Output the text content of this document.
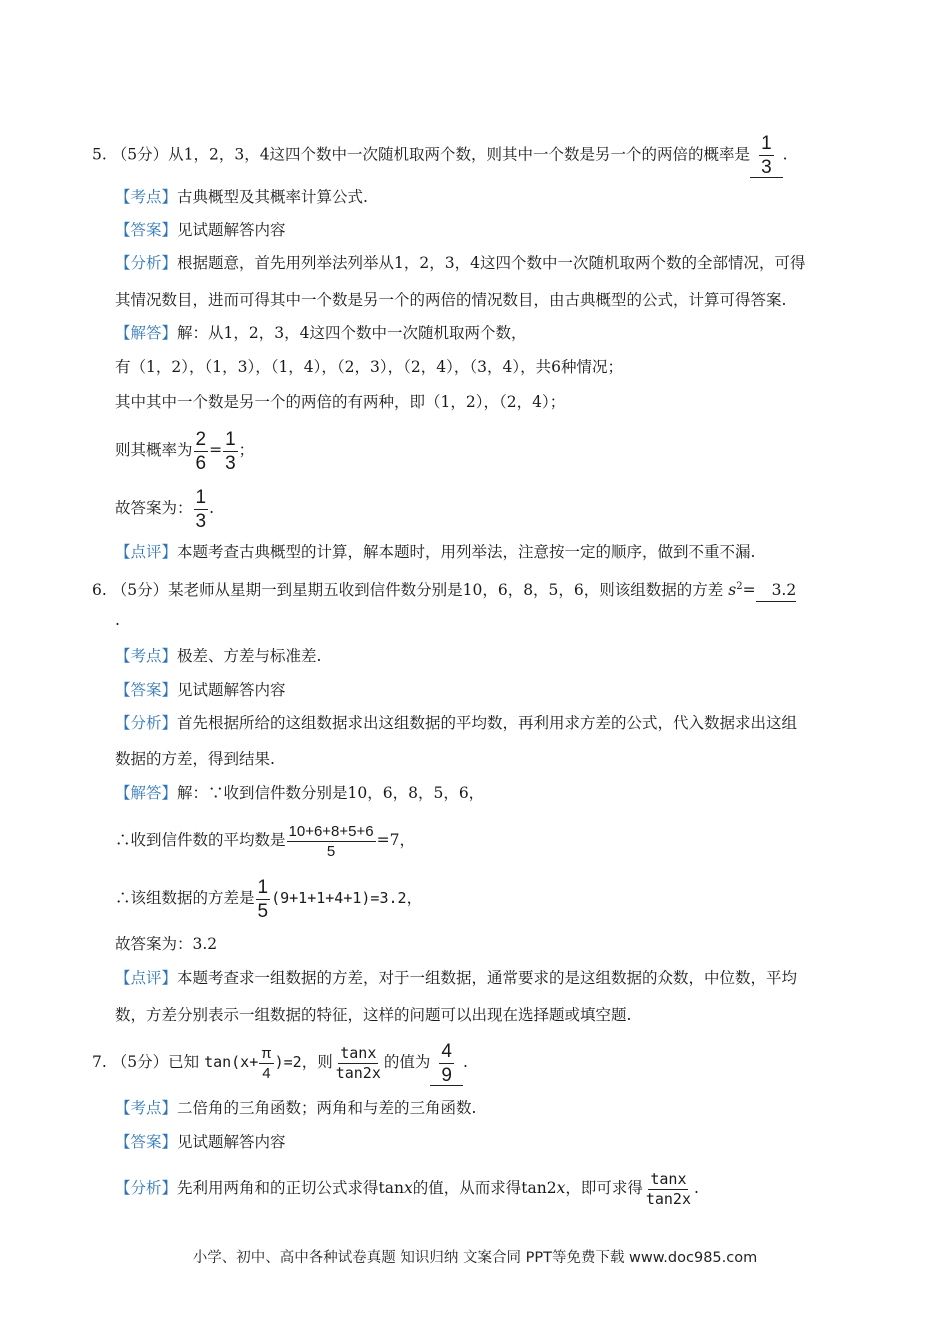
5. （5分）从1，2，3，4这四个数中一次随机取两个数，则其中一个数是另一个的两倍的概率是 $\frac{1}{3}$ .
【考点】古典概型及其概率计算公式.
【答案】见试题解答内容
【分析】根据题意，首先用列举法列举从1，2，3，4这四个数中一次随机取两个数的全部情况，可得
其情况数目，进而可得其中一个数是另一个的两倍的情况数目，由古典概型的公式，计算可得答案.
【解答】解：从1，2，3，4这四个数中一次随机取两个数，
有（1，2），（1，3），（1，4），（2，3），（2，4），（3，4），共6种情况；
其中其中一个数是另一个的两倍的有两种，即（1，2），（2，4）；
则其概率为 $\frac{2}{6} = \frac{1}{3}$ ；
故答案为： $\frac{1}{3}$ .
【点评】本题考查古典概型的计算，解本题时，用列举法，注意按一定的顺序，做到不重不漏.
6. （5分）某老师从星期一到星期五收到信件数分别是10，6，8，5，6，则该组数据的方差 $s^2= 3.2$
.
【考点】极差、方差与标准差.
【答案】见试题解答内容
【分析】首先根据所给的这组数据求出这组数据的平均数，再利用求方差的公式，代入数据求出这组
数据的方差，得到结果.
【解答】解：∵收到信件数分别是10，6，8，5，6，
∴收到信件数的平均数是 $\frac{10+6+8+5+6}{5} =7$，
∴该组数据的方差是 $\frac{1}{5} (9+1+1+4+1)=3.2$，
故答案为：3.2
【点评】本题考查求一组数据的方差，对于一组数据，通常要求的是这组数据的众数，中位数，平均
数，方差分别表示一组数据的特征，这样的问题可以出现在选择题或填空题.
7. （5分）已知 $\tan(x+ \frac{\pi}{4} )=2$，则 $\frac{\tan x}{\tan 2x}$ 的值为 $\frac{4}{9}$ .
【考点】二倍角的三角函数；两角和与差的三角函数.
【答案】见试题解答内容
【分析】先利用两角和的正切公式求得tanx的值，从而求得tan2x，即可求得 $\frac{\tan x}{\tan 2x}$ .
小学、初中、高中各种试卷真题 知识归纳 文案合同 PPT等免费下载 www.doc985.com
